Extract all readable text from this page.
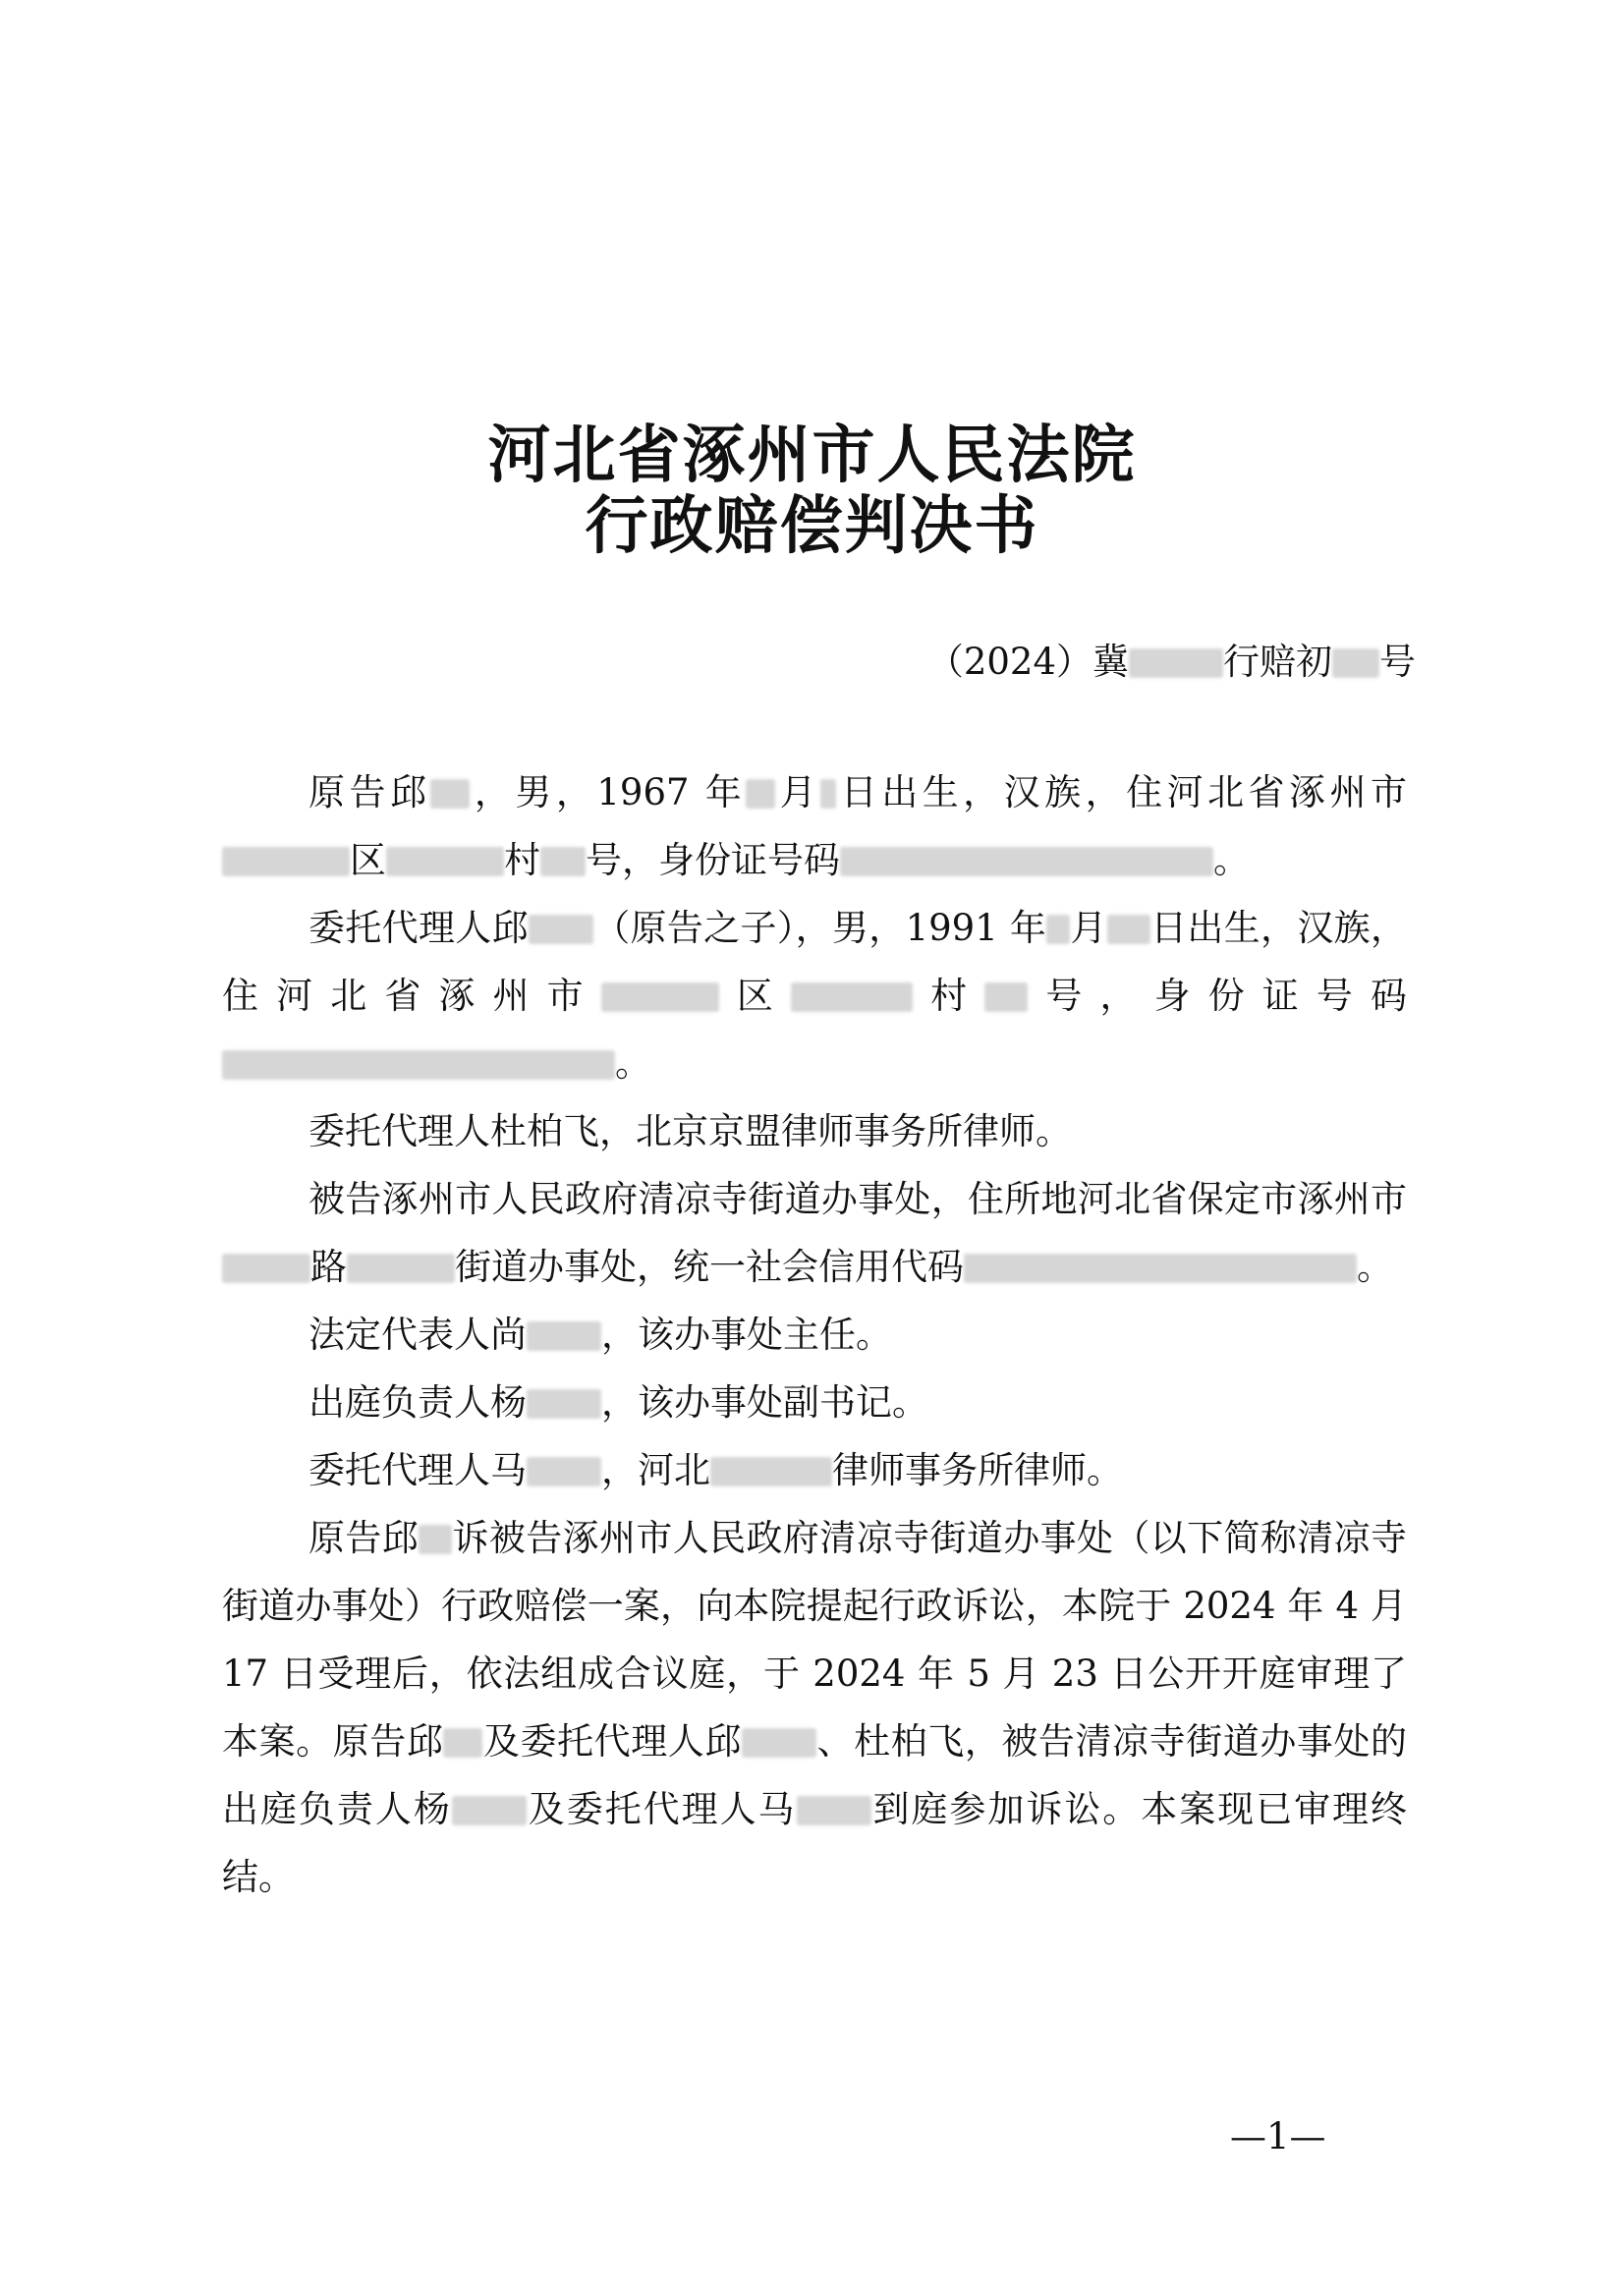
河北省涿州市人民法院
行政赔偿判决书
（2024）冀	行赔初 号

原告邱 ，男，1967 年 月 日出生，汉族，住河北省涿州市区	村 号，身份证号码	。

委托代理人邱 （原告之子），男，1991 年 月 日出生，汉族，住河北省涿州市	区	村 号，身份证号码。

委托代理人杜柏飞，北京京盟律师事务所律师。

被告涿州市人民政府清凉寺街道办事处，住所地河北省保定市涿州市路	街道办事处，统一社会信用代码	。

法定代表人尚 ，该办事处主任。

出庭负责人杨 ，该办事处副书记。

委托代理人马 ，河北	律师事务所律师。

原告邱 诉被告涿州市人民政府清凉寺街道办事处（以下简称清凉寺街道办事处）行政赔偿一案，向本院提起行政诉讼，本院于 2024 年 4 月 17 日受理后，依法组成合议庭，于 2024 年 5 月 23 日公开开庭审理了本案。原告邱 及委托代理人邱 、杜柏飞，被告清凉寺街道办事处的出庭负责人杨 及委托代理人马 到庭参加诉讼。本案现已审理终结。

—1—
